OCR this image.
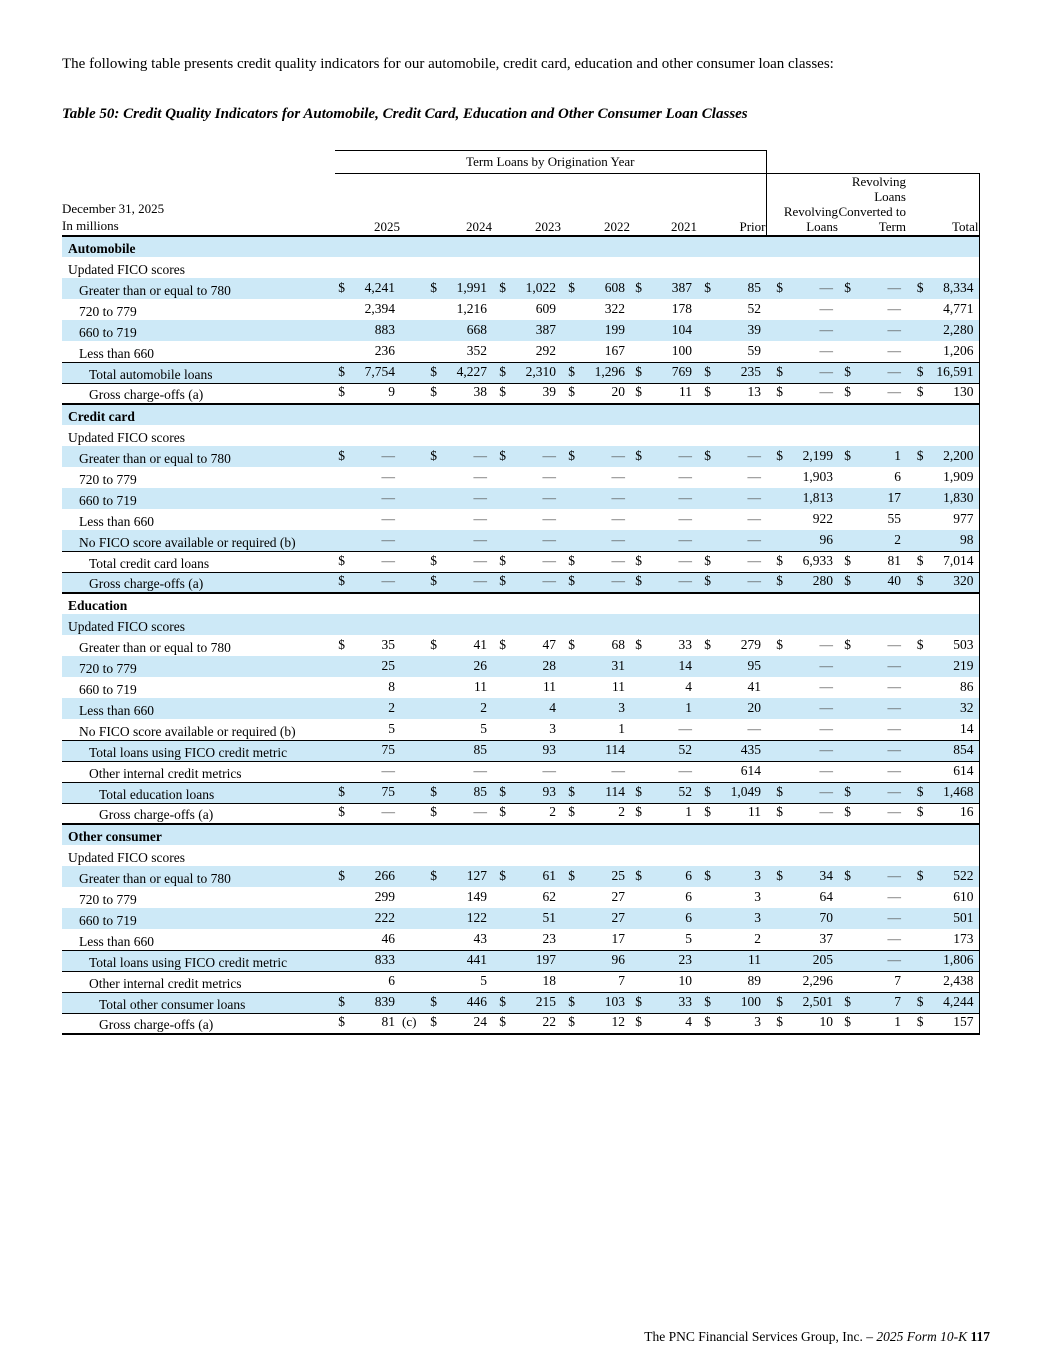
The following table presents credit quality indicators for our automobile, credit card, education and other consumer loan classes:

Table 50: Credit Quality Indicators for Automobile, Credit Card, Education and Other Consumer Loan Classes

	Term Loans by Origination Year								

December 31, 2025
In millions	2025	2024	2023	2022	2021	Prior	Revolving Loans	Revolving Loans Converted to Term	Total
Automobile									
Updated FICO scores									
Greater than or equal to 780	$ 4,241	$ 1,991	$ 1,022	$ 608	$ 387	$ 85	$ —	$ —	$ 8,334

720 to 779	2,394	1,216	609	322	178	52	—	—	4,771

660 to 719	883	668	387	199	104	39	—	—	2,280

Less than 660	236	352	292	167	100	59	—	—	1,206

Total automobile loans	$ 7,754	$ 4,227	$ 2,310	$ 1,296	$ 769	$ 235	$ —	$ —	$ 16,591

Gross charge-offs (a)	$ 9	$ 38	$ 39	$ 20	$ 11	$ 13	$ —	$ —	$ 130

Credit card									
Updated FICO scores									
Greater than or equal to 780	$ —	$ —	$ —	$ —	$ —	$ —	$ 2,199	$ 1	$ 2,200

720 to 779	—	—	—	—	—	—	1,903	6	1,909

660 to 719	—	—	—	—	—	—	1,813	17	1,830

Less than 660	—	—	—	—	—	—	922	55	977

No FICO score available or required (b)	—	—	—	—	—	—	96	2	98

Total credit card loans	$ —	$ —	$ —	$ —	$ —	$ —	$ 6,933	$ 81	$ 7,014

Gross charge-offs (a)	$ —	$ —	$ —	$ —	$ —	$ —	$ 280	$ 40	$ 320

Education									
Updated FICO scores									
Greater than or equal to 780	$ 35	$ 41	$ 47	$ 68	$ 33	$ 279	$ —	$ —	$ 503

720 to 779	25	26	28	31	14	95	—	—	219

660 to 719	8	11	11	11	4	41	—	—	86

Less than 660	2	2	4	3	1	20	—	—	32

No FICO score available or required (b)	5	5	3	1	—	—	—	—	14

Total loans using FICO credit metric	75	85	93	114	52	435	—	—	854

Other internal credit metrics	—	—	—	—	—	614	—	—	614

Total education loans	$ 75	$ 85	$ 93	$ 114	$ 52	$ 1,049	$ —	$ —	$ 1,468

Gross charge-offs (a)	$ —	$ —	$ 2	$ 2	$ 1	$ 11	$ —	$ —	$ 16

Other consumer									
Updated FICO scores									
Greater than or equal to 780	$ 266	$ 127	$ 61	$ 25	$ 6	$ 3	$ 34	$ —	$ 522

720 to 779	299	149	62	27	6	3	64	—	610

660 to 719	222	122	51	27	6	3	70	—	501

Less than 660	46	43	23	17	5	2	37	—	173

Total loans using FICO credit metric	833	441	197	96	23	11	205	—	1,806

Other internal credit metrics	6	5	18	7	10	89	2,296	7	2,438

Total other consumer loans	$ 839	$ 446	$ 215	$ 103	$ 33	$ 100	$ 2,501	$ 7	$ 4,244

Gross charge-offs (a)	$ 81 (c)	$ 24	$ 22	$ 12	$ 4	$ 3	$ 10	$ 1	$ 157
The PNC Financial Services Group, Inc. – 2025 Form 10-K 117
